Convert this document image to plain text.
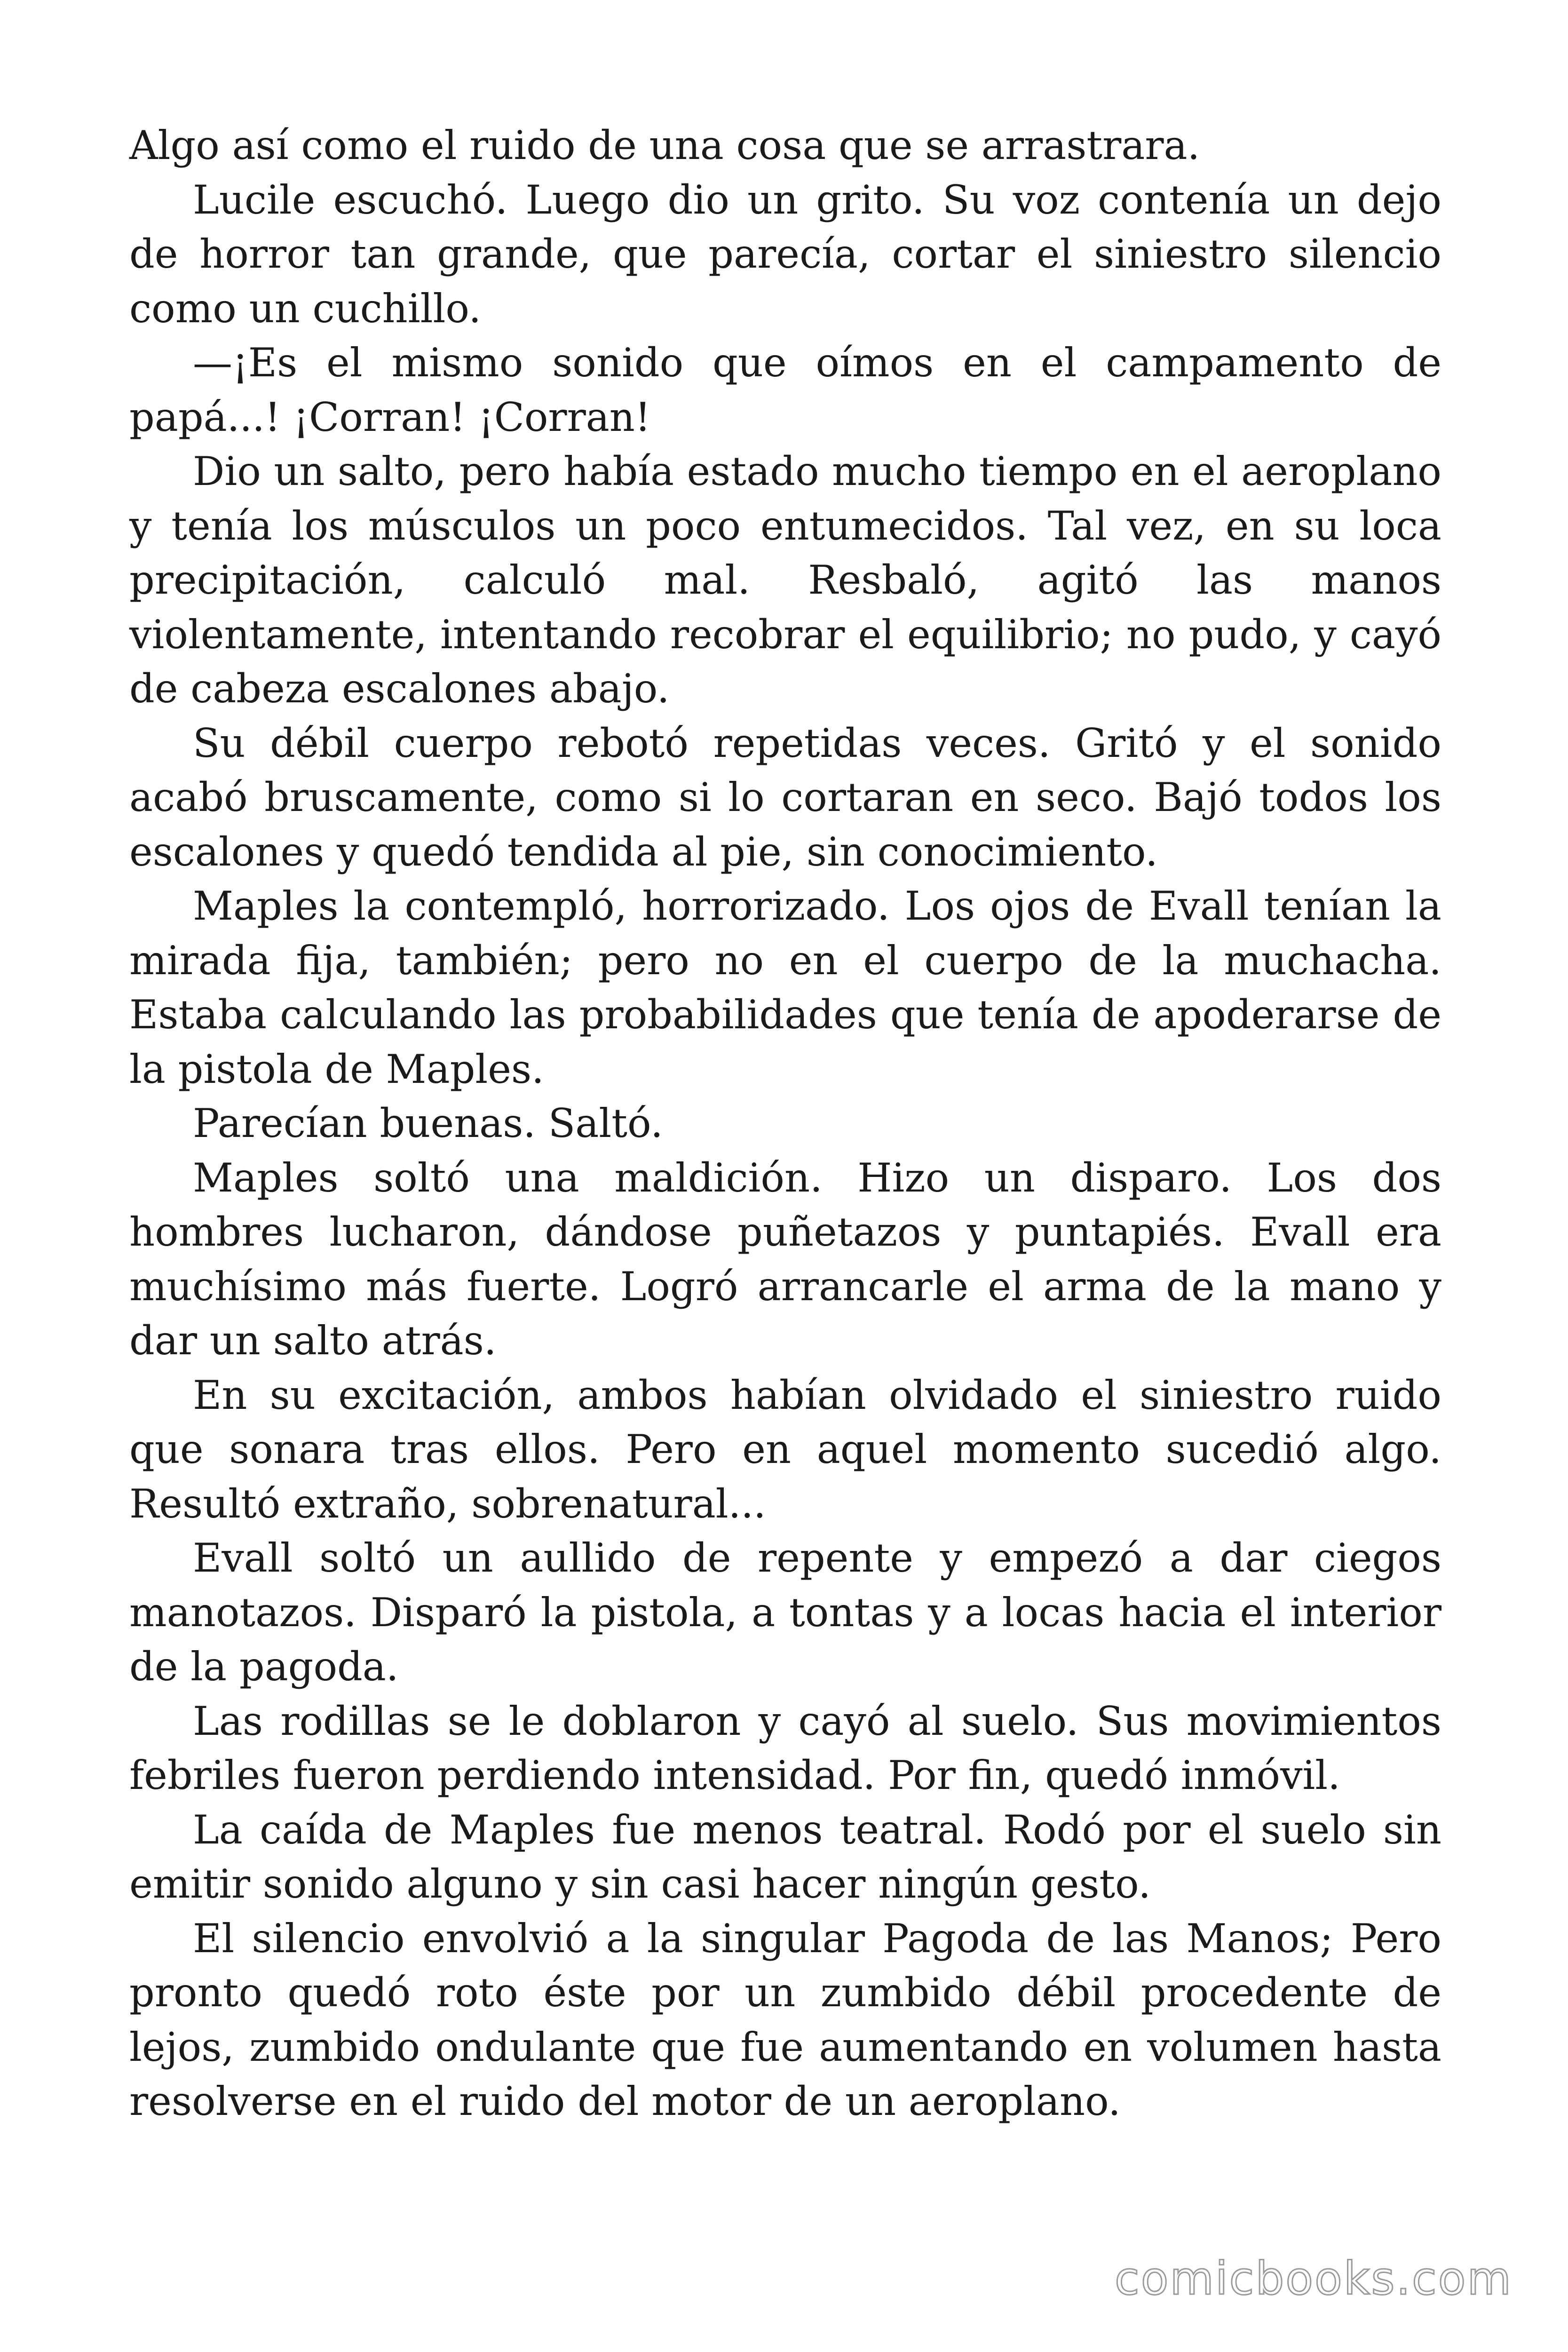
Algo así como el ruido de una cosa que se arrastrara.

Lucile escuchó. Luego dio un grito. Su voz contenía un dejo de horror tan grande, que parecía, cortar el siniestro silencio como un cuchillo.

—¡Es el mismo sonido que oímos en el campamento de papá...! ¡Corran! ¡Corran!

Dio un salto, pero había estado mucho tiempo en el aeroplano y tenía los músculos un poco entumecidos. Tal vez, en su loca precipitación, calculó mal. Resbaló, agitó las manos violentamente, intentando recobrar el equilibrio; no pudo, y cayó de cabeza escalones abajo.

Su débil cuerpo rebotó repetidas veces. Gritó y el sonido acabó bruscamente, como si lo cortaran en seco. Bajó todos los escalones y quedó tendida al pie, sin conocimiento.

Maples la contempló, horrorizado. Los ojos de Evall tenían la mirada fija, también; pero no en el cuerpo de la muchacha. Estaba calculando las probabilidades que tenía de apoderarse de la pistola de Maples.

Parecían buenas. Saltó.

Maples soltó una maldición. Hizo un disparo. Los dos hombres lucharon, dándose puñetazos y puntapiés. Evall era muchísimo más fuerte. Logró arrancarle el arma de la mano y dar un salto atrás.

En su excitación, ambos habían olvidado el siniestro ruido que sonara tras ellos. Pero en aquel momento sucedió algo. Resultó extraño, sobrenatural...

Evall soltó un aullido de repente y empezó a dar ciegos manotazos. Disparó la pistola, a tontas y a locas hacia el interior de la pagoda.

Las rodillas se le doblaron y cayó al suelo. Sus movimientos febriles fueron perdiendo intensidad. Por fin, quedó inmóvil.

La caída de Maples fue menos teatral. Rodó por el suelo sin emitir sonido alguno y sin casi hacer ningún gesto.

El silencio envolvió a la singular Pagoda de las Manos; Pero pronto quedó roto éste por un zumbido débil procedente de lejos, zumbido ondulante que fue aumentando en volumen hasta resolverse en el ruido del motor de un aeroplano.

comicbooks.com
